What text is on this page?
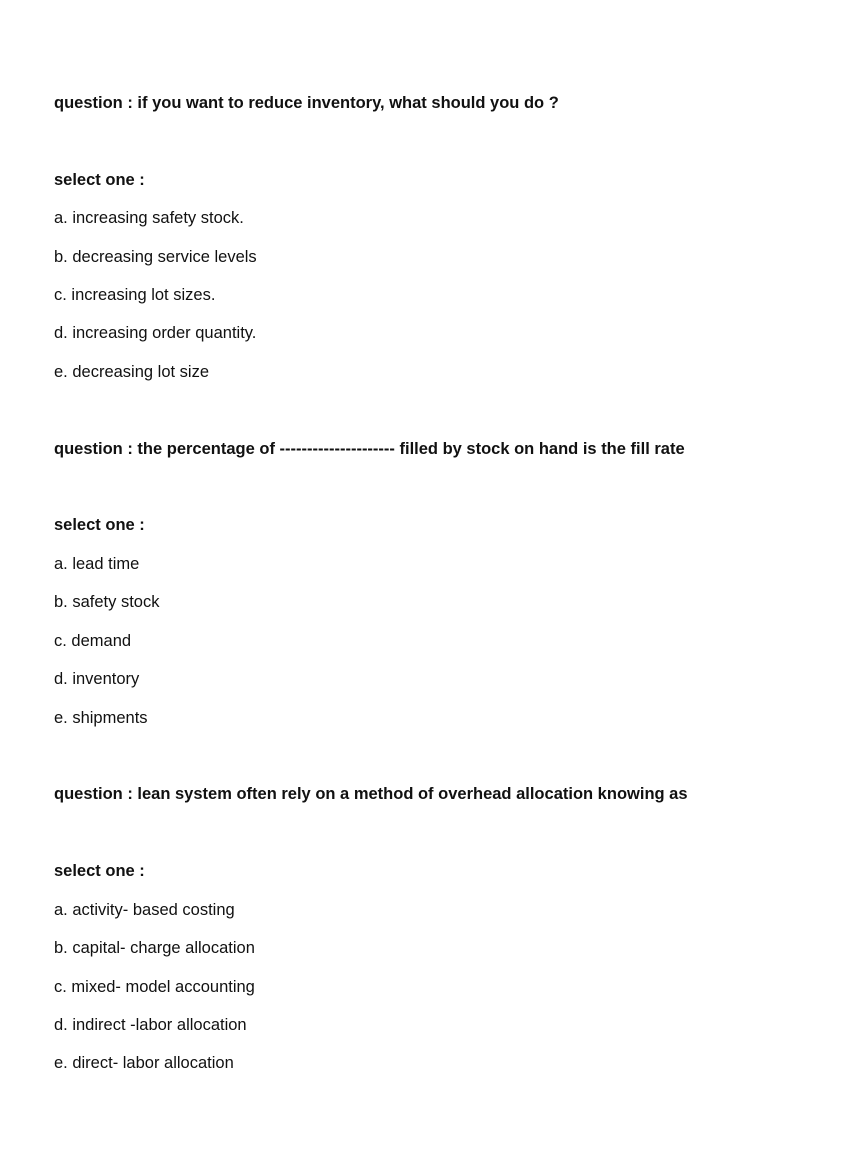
question : if you want to reduce inventory, what should you do ?
select one :
a. increasing safety stock.
b. decreasing service levels
c. increasing lot sizes.
d. increasing order quantity.
e. decreasing lot size
question : the percentage of --------------------- filled by stock on hand is the fill rate
select one :
a. lead time
b. safety stock
c. demand
d. inventory
e. shipments
question : lean system often rely on a method of overhead allocation knowing as
select one :
a. activity- based costing
b. capital- charge allocation
c. mixed- model accounting
d. indirect -labor allocation
e. direct- labor allocation
